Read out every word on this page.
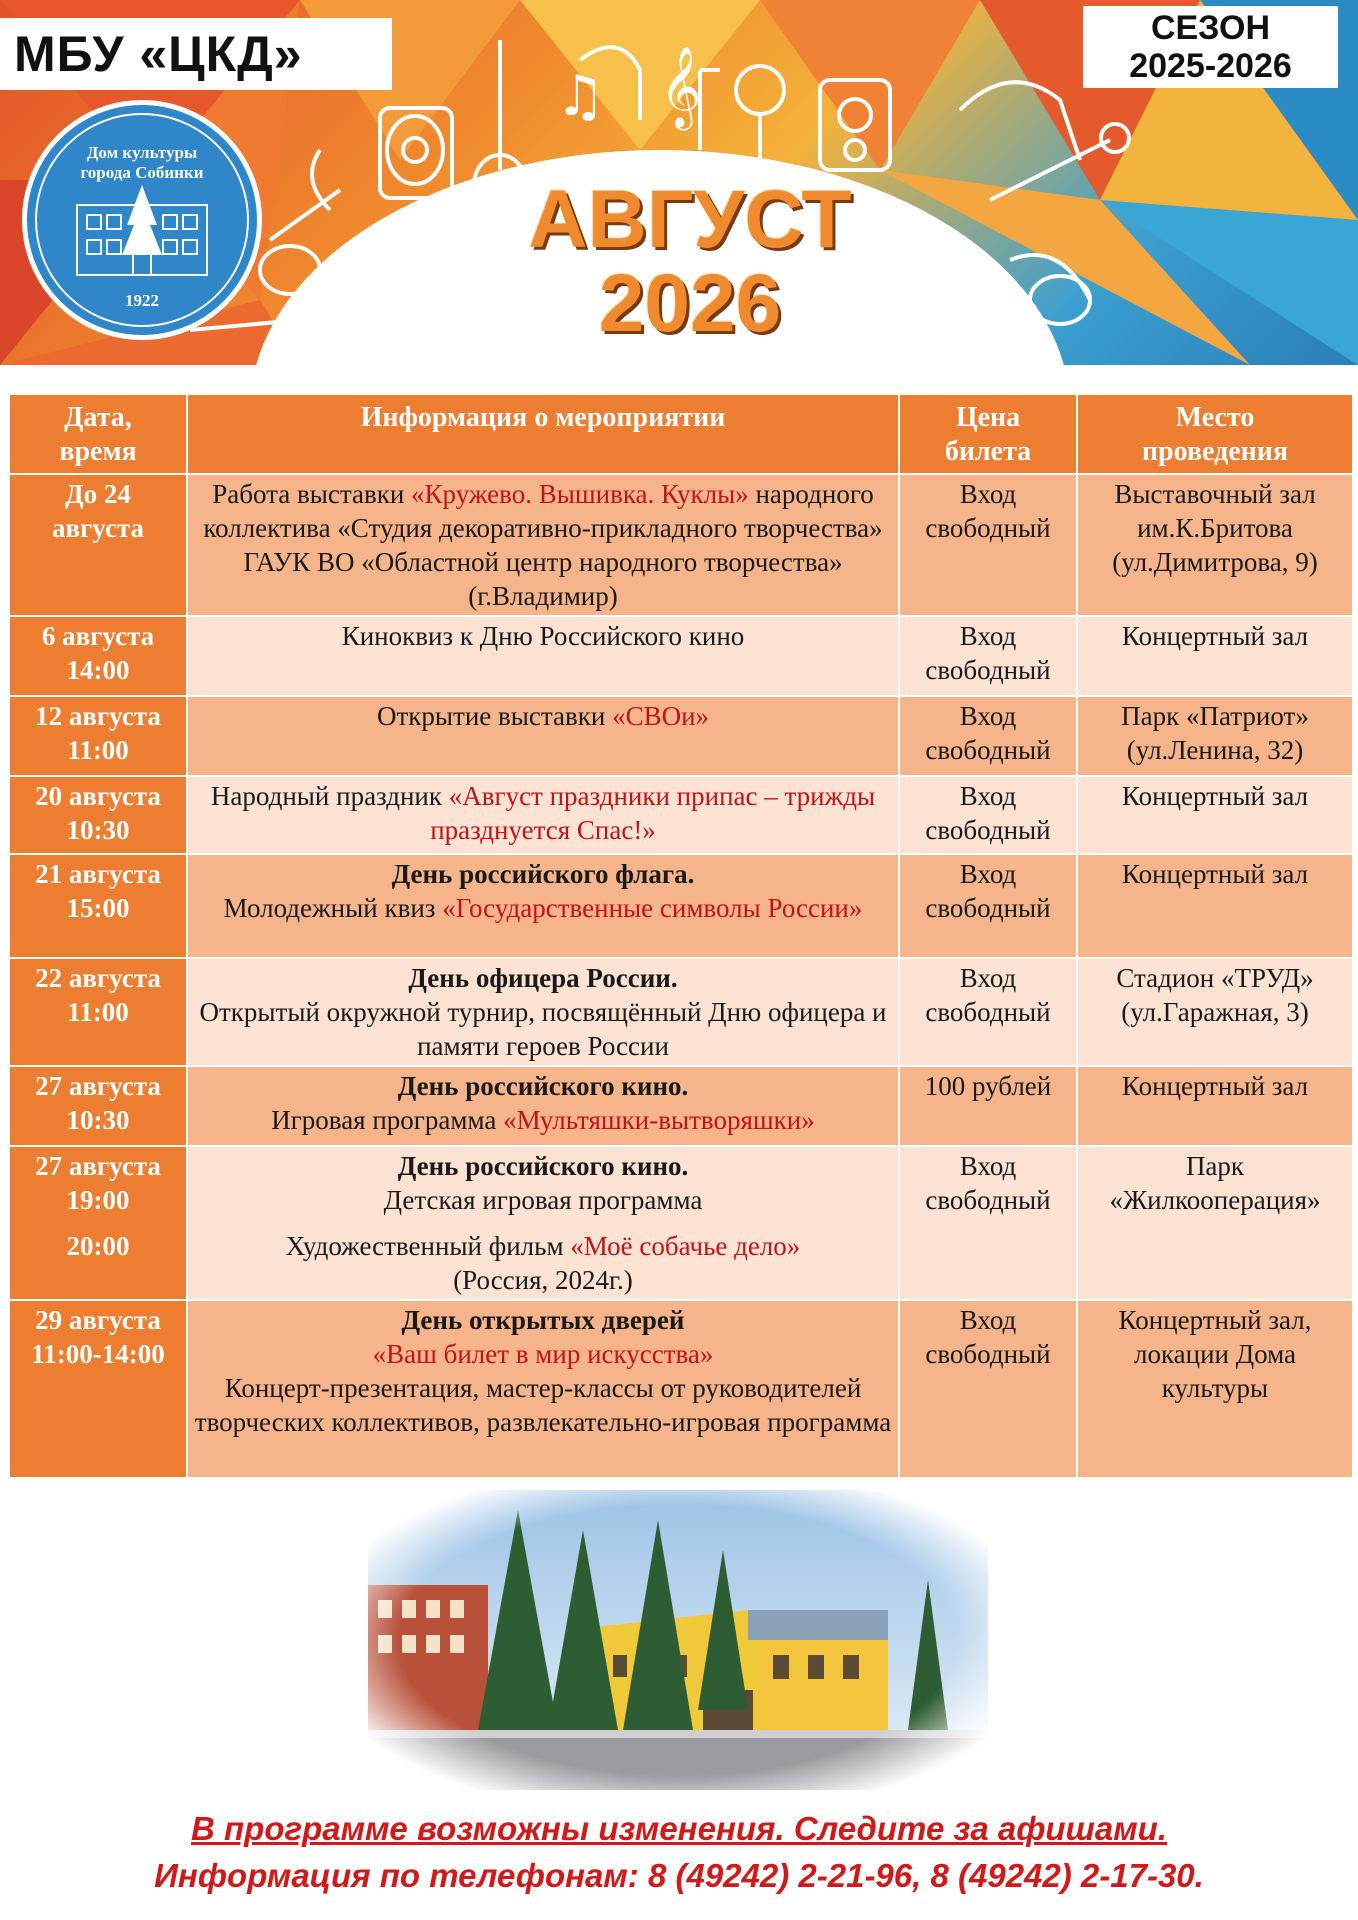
𝄞
♫
МБУ «ЦКД»	СЕЗОН
2025-2026
Дом культуры
города Собинки
1922
АВГУСТ
2026
Дата,
время	Информация о мероприятии	Цена
билета	Место
проведения
До 24
августа	Работа выставки «Кружево. Вышивка. Куклы» народного коллектива «Студия декоративно-прикладного творчества» ГАУК ВО «Областной центр народного творчества» (г.Владимир)	Вход
свободный	Выставочный зал
им.К.Бритова
(ул.Димитрова, 9)
6 августа
14:00	Киноквиз к Дню Российского кино	Вход
свободный	Концертный зал
12 августа
11:00	Открытие выставки «СВОи»	Вход
свободный	Парк «Патриот»
(ул.Ленина, 32)
20 августа
10:30	Народный праздник «Август праздники припас – трижды празднуется Спас!»	Вход
свободный	Концертный зал
21 августа
15:00	День российского флага.
Молодежный квиз «Государственные символы России»	Вход
свободный	Концертный зал
22 августа
11:00	День офицера России.
Открытый окружной турнир, посвящённый Дню офицера и памяти героев России	Вход
свободный	Стадион «ТРУД»
(ул.Гаражная, 3)
27 августа
10:30	День российского кино.
Игровая программа «Мультяшки-вытворяшки»	100 рублей	Концертный зал
27 августа
19:00
20:00	День российского кино.
Детская игровая программа
Художественный фильм «Моё собачье дело»
(Россия, 2024г.)	Вход
свободный	Парк
«Жилкооперация»
29 августа
11:00-14:00	День открытых дверей
«Ваш билет в мир искусства»
Концерт-презентация, мастер-классы от руководителей творческих коллективов, развлекательно-игровая программа	Вход
свободный	Концертный зал,
локации Дома
культуры
В программе возможны изменения. Следите за афишами.
Информация по телефонам: 8 (49242) 2-21-96, 8 (49242) 2-17-30.
